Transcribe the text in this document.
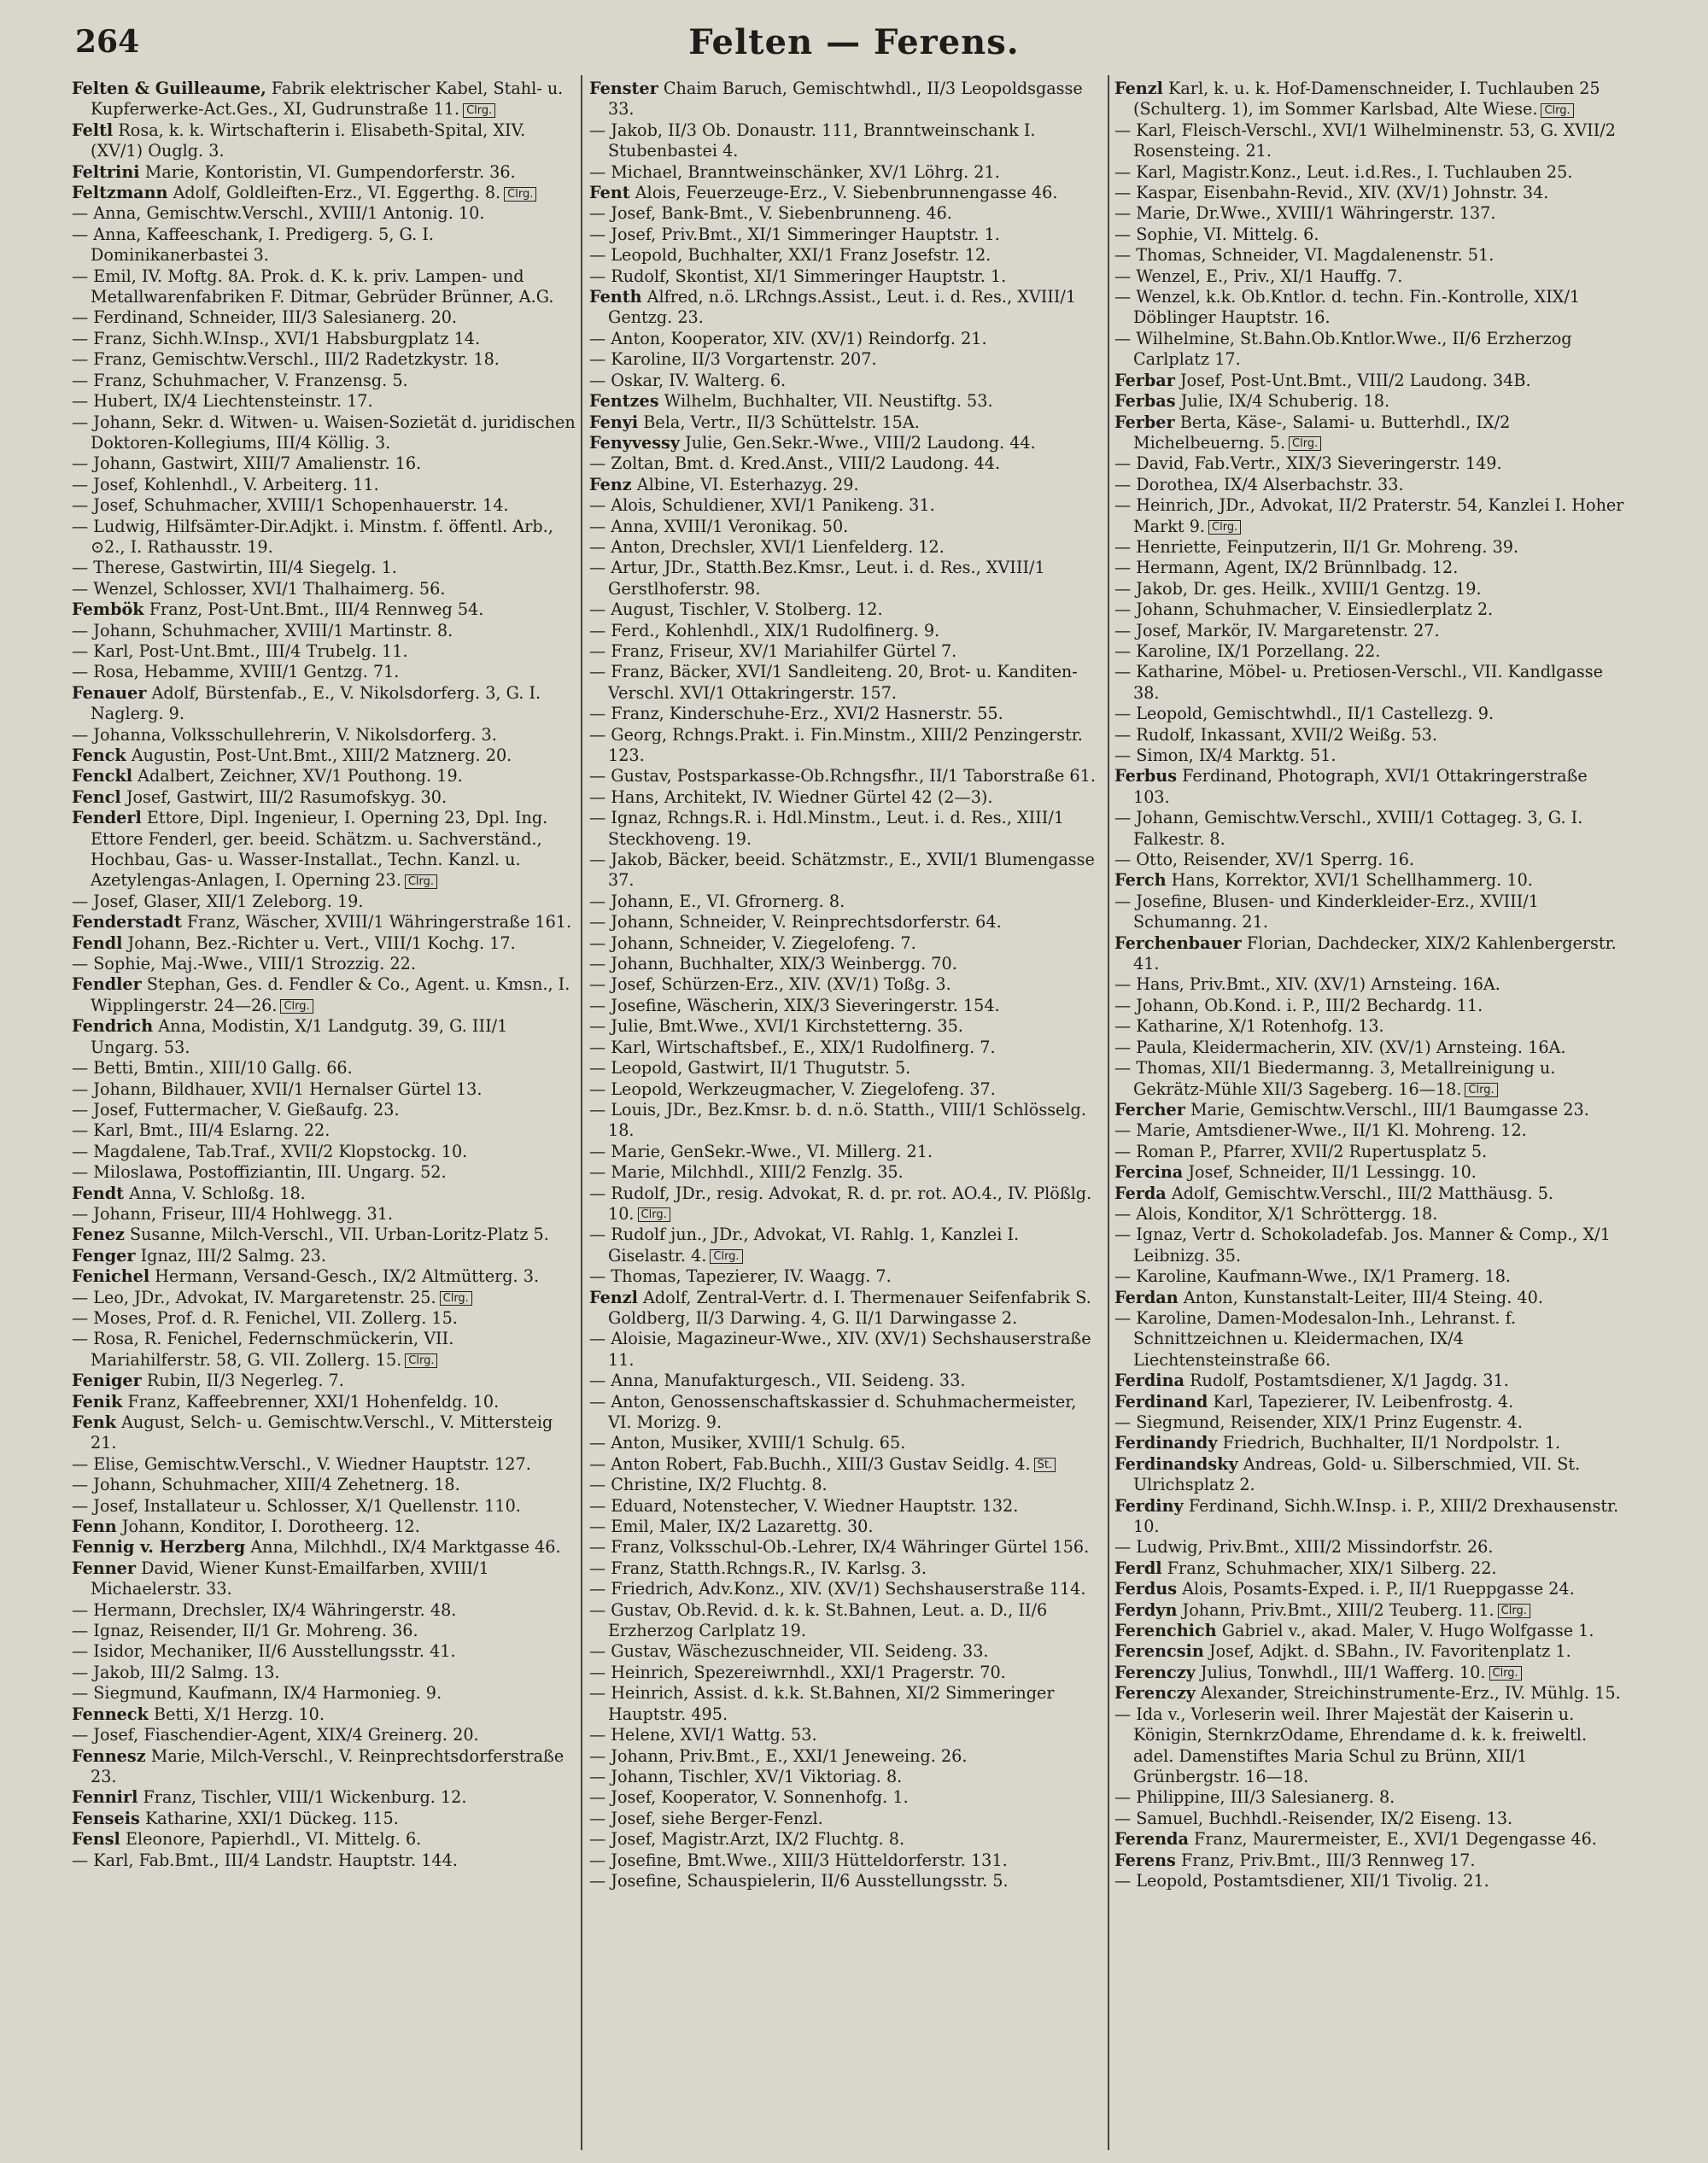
264	Felten — Ferens.

Felten & Guilleaume, Fabrik elektrischer Kabel, Stahl- u. Kupferwerke-Act.Ges., XI, Gudrunstraße 11. Clrg.

Feltl Rosa, k. k. Wirtschafterin i. Elisabeth-Spital, XIV. (XV/1) Ouglg. 3.

Feltrini Marie, Kontoristin, VI. Gumpendorferstr. 36.

Feltzmann Adolf, Goldleiften-Erz., VI. Eggerthg. 8. Clrg.

— Anna, Gemischtw.Verschl., XVIII/1 Antonig. 10.

— Anna, Kaffeeschank, I. Predigerg. 5, G. I. Dominikanerbastei 3.

— Emil, IV. Moftg. 8A. Prok. d. K. k. priv. Lampen- und Metallwarenfabriken F. Ditmar, Gebrüder Brünner, A.G.

— Ferdinand, Schneider, III/3 Salesianerg. 20.

— Franz, Sichh.W.Insp., XVI/1 Habsburgplatz 14.

— Franz, Gemischtw.Verschl., III/2 Radetzkystr. 18.

— Franz, Schuhmacher, V. Franzensg. 5.

— Hubert, IX/4 Liechtensteinstr. 17.

— Johann, Sekr. d. Witwen- u. Waisen-Sozietät d. juridischen Doktoren-Kollegiums, III/4 Köllig. 3.

— Johann, Gastwirt, XIII/7 Amalienstr. 16.

— Josef, Kohlenhdl., V. Arbeiterg. 11.

— Josef, Schuhmacher, XVIII/1 Schopenhauerstr. 14.

— Ludwig, Hilfsämter-Dir.Adjkt. i. Minstm. f. öffentl. Arb., ⊙2., I. Rathausstr. 19.

— Therese, Gastwirtin, III/4 Siegelg. 1.

— Wenzel, Schlosser, XVI/1 Thalhaimerg. 56.

Fembök Franz, Post-Unt.Bmt., III/4 Rennweg 54.

— Johann, Schuhmacher, XVIII/1 Martinstr. 8.

— Karl, Post-Unt.Bmt., III/4 Trubelg. 11.

— Rosa, Hebamme, XVIII/1 Gentzg. 71.

Fenauer Adolf, Bürstenfab., E., V. Nikolsdorferg. 3, G. I. Naglerg. 9.

— Johanna, Volksschullehrerin, V. Nikolsdorferg. 3.

Fenck Augustin, Post-Unt.Bmt., XIII/2 Matznerg. 20.

Fenckl Adalbert, Zeichner, XV/1 Pouthong. 19.

Fencl Josef, Gastwirt, III/2 Rasumofskyg. 30.

Fenderl Ettore, Dipl. Ingenieur, I. Operning 23, Dpl. Ing. Ettore Fenderl, ger. beeid. Schätzm. u. Sachverständ., Hochbau, Gas- u. Wasser-Installat., Techn. Kanzl. u. Azetylengas-Anlagen, I. Operning 23. Clrg.

— Josef, Glaser, XII/1 Zeleborg. 19.

Fenderstadt Franz, Wäscher, XVIII/1 Währingerstraße 161.

Fendl Johann, Bez.-Richter u. Vert., VIII/1 Kochg. 17.

— Sophie, Maj.-Wwe., VIII/1 Strozzig. 22.

Fendler Stephan, Ges. d. Fendler & Co., Agent. u. Kmsn., I. Wipplingerstr. 24—26. Clrg.

Fendrich Anna, Modistin, X/1 Landgutg. 39, G. III/1 Ungarg. 53.

— Betti, Bmtin., XIII/10 Gallg. 66.

— Johann, Bildhauer, XVII/1 Hernalser Gürtel 13.

— Josef, Futtermacher, V. Gießaufg. 23.

— Karl, Bmt., III/4 Eslarng. 22.

— Magdalene, Tab.Traf., XVII/2 Klopstockg. 10.

— Miloslawa, Postoffiziantin, III. Ungarg. 52.

Fendt Anna, V. Schloßg. 18.

— Johann, Friseur, III/4 Hohlwegg. 31.

Fenez Susanne, Milch-Verschl., VII. Urban-Loritz-Platz 5.

Fenger Ignaz, III/2 Salmg. 23.

Fenichel Hermann, Versand-Gesch., IX/2 Altmütterg. 3.

— Leo, JDr., Advokat, IV. Margaretenstr. 25. Clrg.

— Moses, Prof. d. R. Fenichel, VII. Zollerg. 15.

— Rosa, R. Fenichel, Federnschmückerin, VII. Mariahilferstr. 58, G. VII. Zollerg. 15. Clrg.

Feniger Rubin, II/3 Negerleg. 7.

Fenik Franz, Kaffeebrenner, XXI/1 Hohenfeldg. 10.

Fenk August, Selch- u. Gemischtw.Verschl., V. Mittersteig 21.

— Elise, Gemischtw.Verschl., V. Wiedner Hauptstr. 127.

— Johann, Schuhmacher, XIII/4 Zehetnerg. 18.

— Josef, Installateur u. Schlosser, X/1 Quellenstr. 110.

Fenn Johann, Konditor, I. Dorotheerg. 12.

Fennig v. Herzberg Anna, Milchhdl., IX/4 Marktgasse 46.

Fenner David, Wiener Kunst-Emailfarben, XVIII/1 Michaelerstr. 33.

— Hermann, Drechsler, IX/4 Währingerstr. 48.

— Ignaz, Reisender, II/1 Gr. Mohreng. 36.

— Isidor, Mechaniker, II/6 Ausstellungsstr. 41.

— Jakob, III/2 Salmg. 13.

— Siegmund, Kaufmann, IX/4 Harmonieg. 9.

Fenneck Betti, X/1 Herzg. 10.

— Josef, Fiaschendier-Agent, XIX/4 Greinerg. 20.

Fennesz Marie, Milch-Verschl., V. Reinprechtsdorferstraße 23.

Fennirl Franz, Tischler, VIII/1 Wickenburg. 12.

Fenseis Katharine, XXI/1 Dückeg. 115.

Fensl Eleonore, Papierhdl., VI. Mittelg. 6.

— Karl, Fab.Bmt., III/4 Landstr. Hauptstr. 144.

Fenster Chaim Baruch, Gemischtwhdl., II/3 Leopoldsgasse 33.

— Jakob, II/3 Ob. Donaustr. 111, Branntweinschank I. Stubenbastei 4.

— Michael, Branntweinschänker, XV/1 Löhrg. 21.

Fent Alois, Feuerzeuge-Erz., V. Siebenbrunnengasse 46.

— Josef, Bank-Bmt., V. Siebenbrunneng. 46.

— Josef, Priv.Bmt., XI/1 Simmeringer Hauptstr. 1.

— Leopold, Buchhalter, XXI/1 Franz Josefstr. 12.

— Rudolf, Skontist, XI/1 Simmeringer Hauptstr. 1.

Fenth Alfred, n.ö. LRchngs.Assist., Leut. i. d. Res., XVIII/1 Gentzg. 23.

— Anton, Kooperator, XIV. (XV/1) Reindorfg. 21.

— Karoline, II/3 Vorgartenstr. 207.

— Oskar, IV. Walterg. 6.

Fentzes Wilhelm, Buchhalter, VII. Neustiftg. 53.

Fenyi Bela, Vertr., II/3 Schüttelstr. 15A.

Fenyvessy Julie, Gen.Sekr.-Wwe., VIII/2 Laudong. 44.

— Zoltan, Bmt. d. Kred.Anst., VIII/2 Laudong. 44.

Fenz Albine, VI. Esterhazyg. 29.

— Alois, Schuldiener, XVI/1 Panikeng. 31.

— Anna, XVIII/1 Veronikag. 50.

— Anton, Drechsler, XVI/1 Lienfelderg. 12.

— Artur, JDr., Statth.Bez.Kmsr., Leut. i. d. Res., XVIII/1 Gerstlhoferstr. 98.

— August, Tischler, V. Stolberg. 12.

— Ferd., Kohlenhdl., XIX/1 Rudolfinerg. 9.

— Franz, Friseur, XV/1 Mariahilfer Gürtel 7.

— Franz, Bäcker, XVI/1 Sandleiteng. 20, Brot- u. Kanditen-Verschl. XVI/1 Ottakringerstr. 157.

— Franz, Kinderschuhe-Erz., XVI/2 Hasnerstr. 55.

— Georg, Rchngs.Prakt. i. Fin.Minstm., XIII/2 Penzingerstr. 123.

— Gustav, Postsparkasse-Ob.Rchngsfhr., II/1 Taborstraße 61.

— Hans, Architekt, IV. Wiedner Gürtel 42 (2—3).

— Ignaz, Rchngs.R. i. Hdl.Minstm., Leut. i. d. Res., XIII/1 Steckhoveng. 19.

— Jakob, Bäcker, beeid. Schätzmstr., E., XVII/1 Blumengasse 37.

— Johann, E., VI. Gfrornerg. 8.

— Johann, Schneider, V. Reinprechtsdorferstr. 64.

— Johann, Schneider, V. Ziegelofeng. 7.

— Johann, Buchhalter, XIX/3 Weinbergg. 70.

— Josef, Schürzen-Erz., XIV. (XV/1) Toßg. 3.

— Josefine, Wäscherin, XIX/3 Sieveringerstr. 154.

— Julie, Bmt.Wwe., XVI/1 Kirchstetterng. 35.

— Karl, Wirtschaftsbef., E., XIX/1 Rudolfinerg. 7.

— Leopold, Gastwirt, II/1 Thugutstr. 5.

— Leopold, Werkzeugmacher, V. Ziegelofeng. 37.

— Louis, JDr., Bez.Kmsr. b. d. n.ö. Statth., VIII/1 Schlösselg. 18.

— Marie, GenSekr.-Wwe., VI. Millerg. 21.

— Marie, Milchhdl., XIII/2 Fenzlg. 35.

— Rudolf, JDr., resig. Advokat, R. d. pr. rot. AO.4., IV. Plößlg. 10. Clrg.

— Rudolf jun., JDr., Advokat, VI. Rahlg. 1, Kanzlei I. Giselastr. 4. Clrg.

— Thomas, Tapezierer, IV. Waagg. 7.

Fenzl Adolf, Zentral-Vertr. d. I. Thermenauer Seifenfabrik S. Goldberg, II/3 Darwing. 4, G. II/1 Darwingasse 2.

— Aloisie, Magazineur-Wwe., XIV. (XV/1) Sechshauserstraße 11.

— Anna, Manufakturgesch., VII. Seideng. 33.

— Anton, Genossenschaftskassier d. Schuhmachermeister, VI. Morizg. 9.

— Anton, Musiker, XVIII/1 Schulg. 65.

— Anton Robert, Fab.Buchh., XIII/3 Gustav Seidlg. 4. St.

— Christine, IX/2 Fluchtg. 8.

— Eduard, Notenstecher, V. Wiedner Hauptstr. 132.

— Emil, Maler, IX/2 Lazarettg. 30.

— Franz, Volksschul-Ob.-Lehrer, IX/4 Währinger Gürtel 156.

— Franz, Statth.Rchngs.R., IV. Karlsg. 3.

— Friedrich, Adv.Konz., XIV. (XV/1) Sechshauserstraße 114.

— Gustav, Ob.Revid. d. k. k. St.Bahnen, Leut. a. D., II/6 Erzherzog Carlplatz 19.

— Gustav, Wäschezuschneider, VII. Seideng. 33.

— Heinrich, Spezereiwrnhdl., XXI/1 Pragerstr. 70.

— Heinrich, Assist. d. k.k. St.Bahnen, XI/2 Simmeringer Hauptstr. 495.

— Helene, XVI/1 Wattg. 53.

— Johann, Priv.Bmt., E., XXI/1 Jeneweing. 26.

— Johann, Tischler, XV/1 Viktoriag. 8.

— Josef, Kooperator, V. Sonnenhofg. 1.

— Josef, siehe Berger-Fenzl.

— Josef, Magistr.Arzt, IX/2 Fluchtg. 8.

— Josefine, Bmt.Wwe., XIII/3 Hütteldorferstr. 131.

— Josefine, Schauspielerin, II/6 Ausstellungsstr. 5.

Fenzl Karl, k. u. k. Hof-Damenschneider, I. Tuchlauben 25 (Schulterg. 1), im Sommer Karlsbad, Alte Wiese. Clrg.

— Karl, Fleisch-Verschl., XVI/1 Wilhelminenstr. 53, G. XVII/2 Rosensteing. 21.

— Karl, Magistr.Konz., Leut. i.d.Res., I. Tuchlauben 25.

— Kaspar, Eisenbahn-Revid., XIV. (XV/1) Johnstr. 34.

— Marie, Dr.Wwe., XVIII/1 Währingerstr. 137.

— Sophie, VI. Mittelg. 6.

— Thomas, Schneider, VI. Magdalenenstr. 51.

— Wenzel, E., Priv., XI/1 Hauffg. 7.

— Wenzel, k.k. Ob.Kntlor. d. techn. Fin.-Kontrolle, XIX/1 Döblinger Hauptstr. 16.

— Wilhelmine, St.Bahn.Ob.Kntlor.Wwe., II/6 Erzherzog Carlplatz 17.

Ferbar Josef, Post-Unt.Bmt., VIII/2 Laudong. 34B.

Ferbas Julie, IX/4 Schuberig. 18.

Ferber Berta, Käse-, Salami- u. Butterhdl., IX/2 Michelbeuerng. 5. Clrg.

— David, Fab.Vertr., XIX/3 Sieveringerstr. 149.

— Dorothea, IX/4 Alserbachstr. 33.

— Heinrich, JDr., Advokat, II/2 Praterstr. 54, Kanzlei I. Hoher Markt 9. Clrg.

— Henriette, Feinputzerin, II/1 Gr. Mohreng. 39.

— Hermann, Agent, IX/2 Brünnlbadg. 12.

— Jakob, Dr. ges. Heilk., XVIII/1 Gentzg. 19.

— Johann, Schuhmacher, V. Einsiedlerplatz 2.

— Josef, Markör, IV. Margaretenstr. 27.

— Karoline, IX/1 Porzellang. 22.

— Katharine, Möbel- u. Pretiosen-Verschl., VII. Kandlgasse 38.

— Leopold, Gemischtwhdl., II/1 Castellezg. 9.

— Rudolf, Inkassant, XVII/2 Weißg. 53.

— Simon, IX/4 Marktg. 51.

Ferbus Ferdinand, Photograph, XVI/1 Ottakringerstraße 103.

— Johann, Gemischtw.Verschl., XVIII/1 Cottageg. 3, G. I. Falkestr. 8.

— Otto, Reisender, XV/1 Sperrg. 16.

Ferch Hans, Korrektor, XVI/1 Schellhammerg. 10.

— Josefine, Blusen- und Kinderkleider-Erz., XVIII/1 Schumanng. 21.

Ferchenbauer Florian, Dachdecker, XIX/2 Kahlenbergerstr. 41.

— Hans, Priv.Bmt., XIV. (XV/1) Arnsteing. 16A.

— Johann, Ob.Kond. i. P., III/2 Bechardg. 11.

— Katharine, X/1 Rotenhofg. 13.

— Paula, Kleidermacherin, XIV. (XV/1) Arnsteing. 16A.

— Thomas, XII/1 Biedermanng. 3, Metallreinigung u. Gekrätz-Mühle XII/3 Sageberg. 16—18. Clrg.

Fercher Marie, Gemischtw.Verschl., III/1 Baumgasse 23.

— Marie, Amtsdiener-Wwe., II/1 Kl. Mohreng. 12.

— Roman P., Pfarrer, XVII/2 Rupertusplatz 5.

Fercina Josef, Schneider, II/1 Lessingg. 10.

Ferda Adolf, Gemischtw.Verschl., III/2 Matthäusg. 5.

— Alois, Konditor, X/1 Schröttergg. 18.

— Ignaz, Vertr d. Schokoladefab. Jos. Manner & Comp., X/1 Leibnizg. 35.

— Karoline, Kaufmann-Wwe., IX/1 Pramerg. 18.

Ferdan Anton, Kunstanstalt-Leiter, III/4 Steing. 40.

— Karoline, Damen-Modesalon-Inh., Lehranst. f. Schnittzeichnen u. Kleidermachen, IX/4 Liechtensteinstraße 66.

Ferdina Rudolf, Postamtsdiener, X/1 Jagdg. 31.

Ferdinand Karl, Tapezierer, IV. Leibenfrostg. 4.

— Siegmund, Reisender, XIX/1 Prinz Eugenstr. 4.

Ferdinandy Friedrich, Buchhalter, II/1 Nordpolstr. 1.

Ferdinandsky Andreas, Gold- u. Silberschmied, VII. St. Ulrichsplatz 2.

Ferdiny Ferdinand, Sichh.W.Insp. i. P., XIII/2 Drexhausenstr. 10.

— Ludwig, Priv.Bmt., XIII/2 Missindorfstr. 26.

Ferdl Franz, Schuhmacher, XIX/1 Silberg. 22.

Ferdus Alois, Posamts-Exped. i. P., II/1 Rueppgasse 24.

Ferdyn Johann, Priv.Bmt., XIII/2 Teuberg. 11. Clrg.

Ferenchich Gabriel v., akad. Maler, V. Hugo Wolfgasse 1.

Ferencsin Josef, Adjkt. d. SBahn., IV. Favoritenplatz 1.

Ferenczy Julius, Tonwhdl., III/1 Wafferg. 10. Clrg.

Ferenczy Alexander, Streichinstrumente-Erz., IV. Mühlg. 15.

— Ida v., Vorleserin weil. Ihrer Majestät der Kaiserin u. Königin, SternkrzOdame, Ehrendame d. k. k. freiweltl. adel. Damenstiftes Maria Schul zu Brünn, XII/1 Grünbergstr. 16—18.

— Philippine, III/3 Salesianerg. 8.

— Samuel, Buchhdl.-Reisender, IX/2 Eiseng. 13.

Ferenda Franz, Maurermeister, E., XVI/1 Degengasse 46.

Ferens Franz, Priv.Bmt., III/3 Rennweg 17.

— Leopold, Postamtsdiener, XII/1 Tivolig. 21.
